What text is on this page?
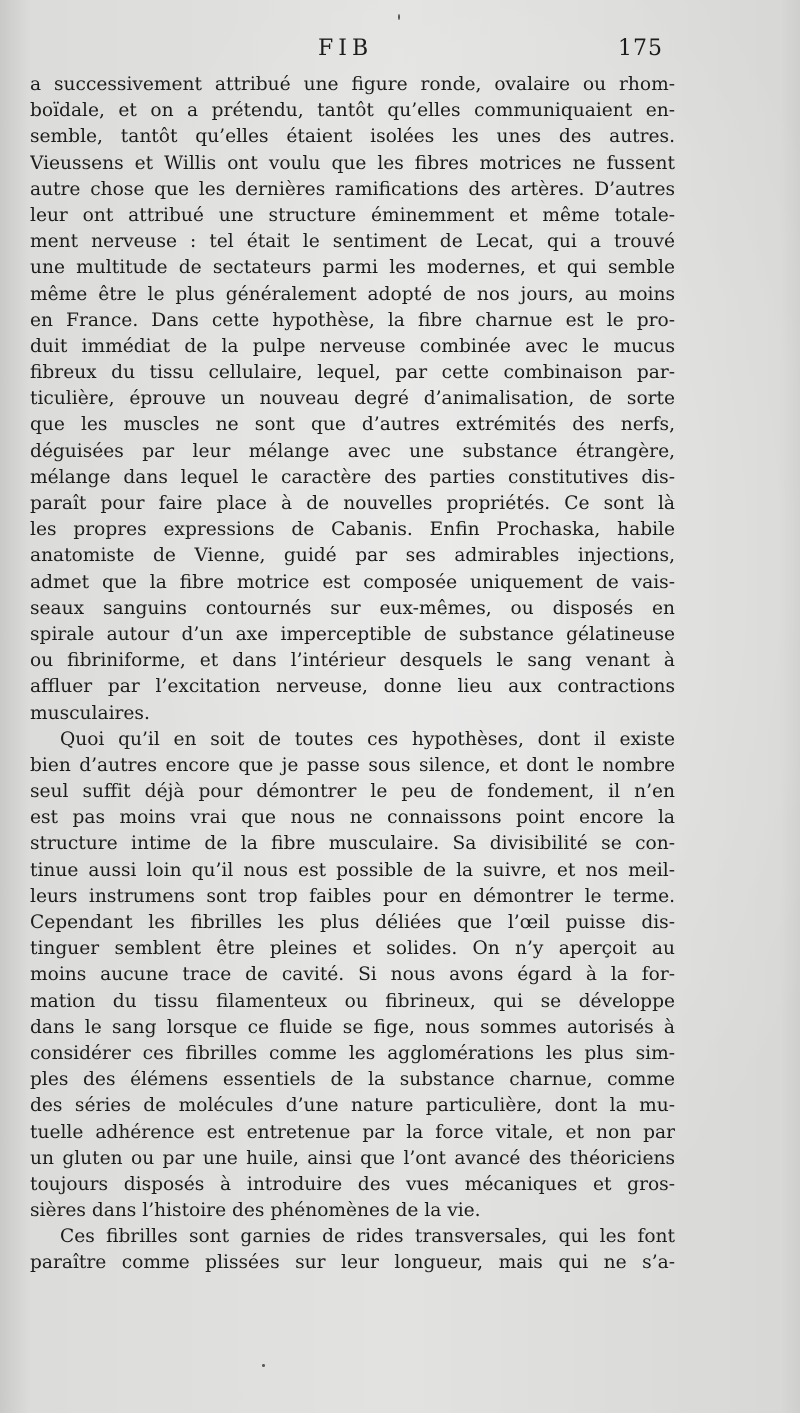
FIB	175
a successivement attribué une figure ronde, ovalaire ou rhom-
boïdale, et on a prétendu, tantôt qu’elles communiquaient en-
semble, tantôt qu’elles étaient isolées les unes des autres.
Vieussens et Willis ont voulu que les fibres motrices ne fussent
autre chose que les dernières ramifications des artères. D’autres
leur ont attribué une structure éminemment et même totale-
ment nerveuse : tel était le sentiment de Lecat, qui a trouvé
une multitude de sectateurs parmi les modernes, et qui semble
même être le plus généralement adopté de nos jours, au moins
en France. Dans cette hypothèse, la fibre charnue est le pro-
duit immédiat de la pulpe nerveuse combinée avec le mucus
fibreux du tissu cellulaire, lequel, par cette combinaison par-
ticulière, éprouve un nouveau degré d’animalisation, de sorte
que les muscles ne sont que d’autres extrémités des nerfs,
déguisées par leur mélange avec une substance étrangère,
mélange dans lequel le caractère des parties constitutives dis-
paraît pour faire place à de nouvelles propriétés. Ce sont là
les propres expressions de Cabanis. Enfin Prochaska, habile
anatomiste de Vienne, guidé par ses admirables injections,
admet que la fibre motrice est composée uniquement de vais-
seaux sanguins contournés sur eux-mêmes, ou disposés en
spirale autour d’un axe imperceptible de substance gélatineuse
ou fibriniforme, et dans l’intérieur desquels le sang venant à
affluer par l’excitation nerveuse, donne lieu aux contractions
musculaires.
Quoi qu’il en soit de toutes ces hypothèses, dont il existe
bien d’autres encore que je passe sous silence, et dont le nombre
seul suffit déjà pour démontrer le peu de fondement, il n’en
est pas moins vrai que nous ne connaissons point encore la
structure intime de la fibre musculaire. Sa divisibilité se con-
tinue aussi loin qu’il nous est possible de la suivre, et nos meil-
leurs instrumens sont trop faibles pour en démontrer le terme.
Cependant les fibrilles les plus déliées que l’œil puisse dis-
tinguer semblent être pleines et solides. On n’y aperçoit au
moins aucune trace de cavité. Si nous avons égard à la for-
mation du tissu filamenteux ou fibrineux, qui se développe
dans le sang lorsque ce fluide se fige, nous sommes autorisés à
considérer ces fibrilles comme les agglomérations les plus sim-
ples des élémens essentiels de la substance charnue, comme
des séries de molécules d’une nature particulière, dont la mu-
tuelle adhérence est entretenue par la force vitale, et non par
un gluten ou par une huile, ainsi que l’ont avancé des théoriciens
toujours disposés à introduire des vues mécaniques et gros-
sières dans l’histoire des phénomènes de la vie.
Ces fibrilles sont garnies de rides transversales, qui les font
paraître comme plissées sur leur longueur, mais qui ne s’a-
